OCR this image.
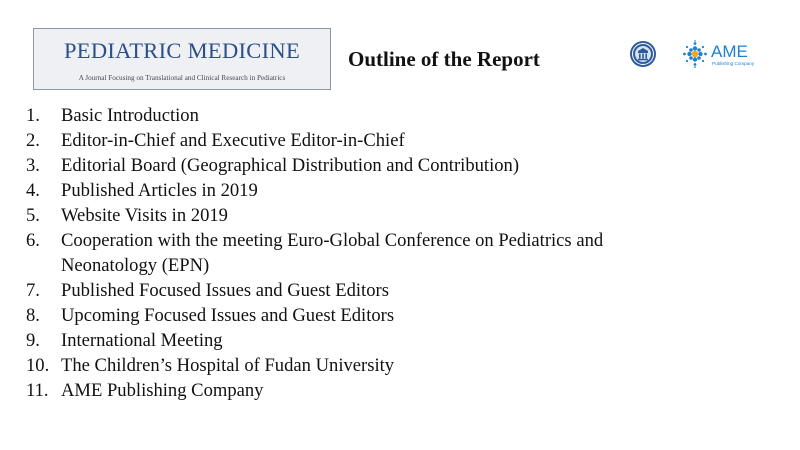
PEDIATRIC MEDICINE
A Journal Focusing on Translational and Clinical Research in Pediatrics
Outline of the Report	AME
Publishing Company
1.	Basic Introduction
2.	Editor-in-Chief and Executive Editor-in-Chief
3.	Editorial Board (Geographical Distribution and Contribution)
4.	Published Articles in 2019
5.	Website Visits in 2019
6.	Cooperation with the meeting Euro-Global Conference on Pediatrics and Neonatology (EPN)
7.	Published Focused Issues and Guest Editors
8.	Upcoming Focused Issues and Guest Editors
9.	International Meeting
10. The Children’s Hospital of Fudan University
11. AME Publishing Company
